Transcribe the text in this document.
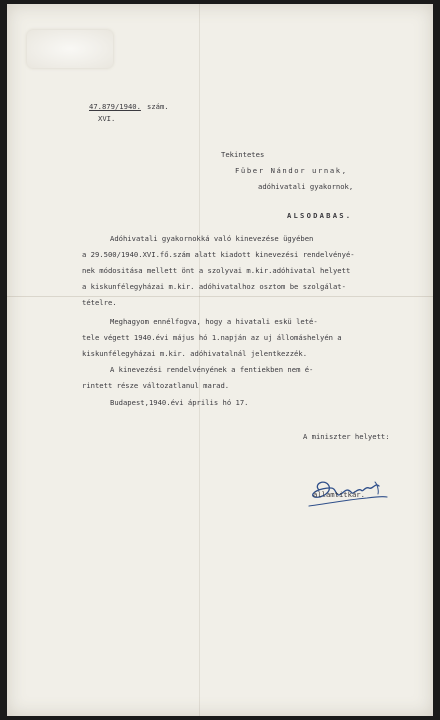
47.879/1940. szám.
XVI.
Tekintetes
Füber Nándor urnak,
adóhivatali gyakornok,
ALSODABAS.
Adóhivatali gyakornokká való kinevezése ügyében
a 29.500/1940.XVI.fő.szám alatt kiadott kinevezési rendelvényé-
nek módositása mellett önt a szolyvai m.kir.adóhivatal helyett
a kiskunfélegyházai m.kir. adóhivatalhoz osztom be szolgálat-
tételre.
Meghagyom ennélfogva, hogy a hivatali eskü leté-
tele végett 1940.évi május hó 1.napján az uj állomáshelyén a
kiskunfélegyházai m.kir. adóhivatalnál jelentkezzék.
A kinevezési rendelvényének a fentiekben nem é-
rintett része változatlanul marad.
Budapest,1940.évi április hó 17.
A miniszter helyett:
államtitkár.
